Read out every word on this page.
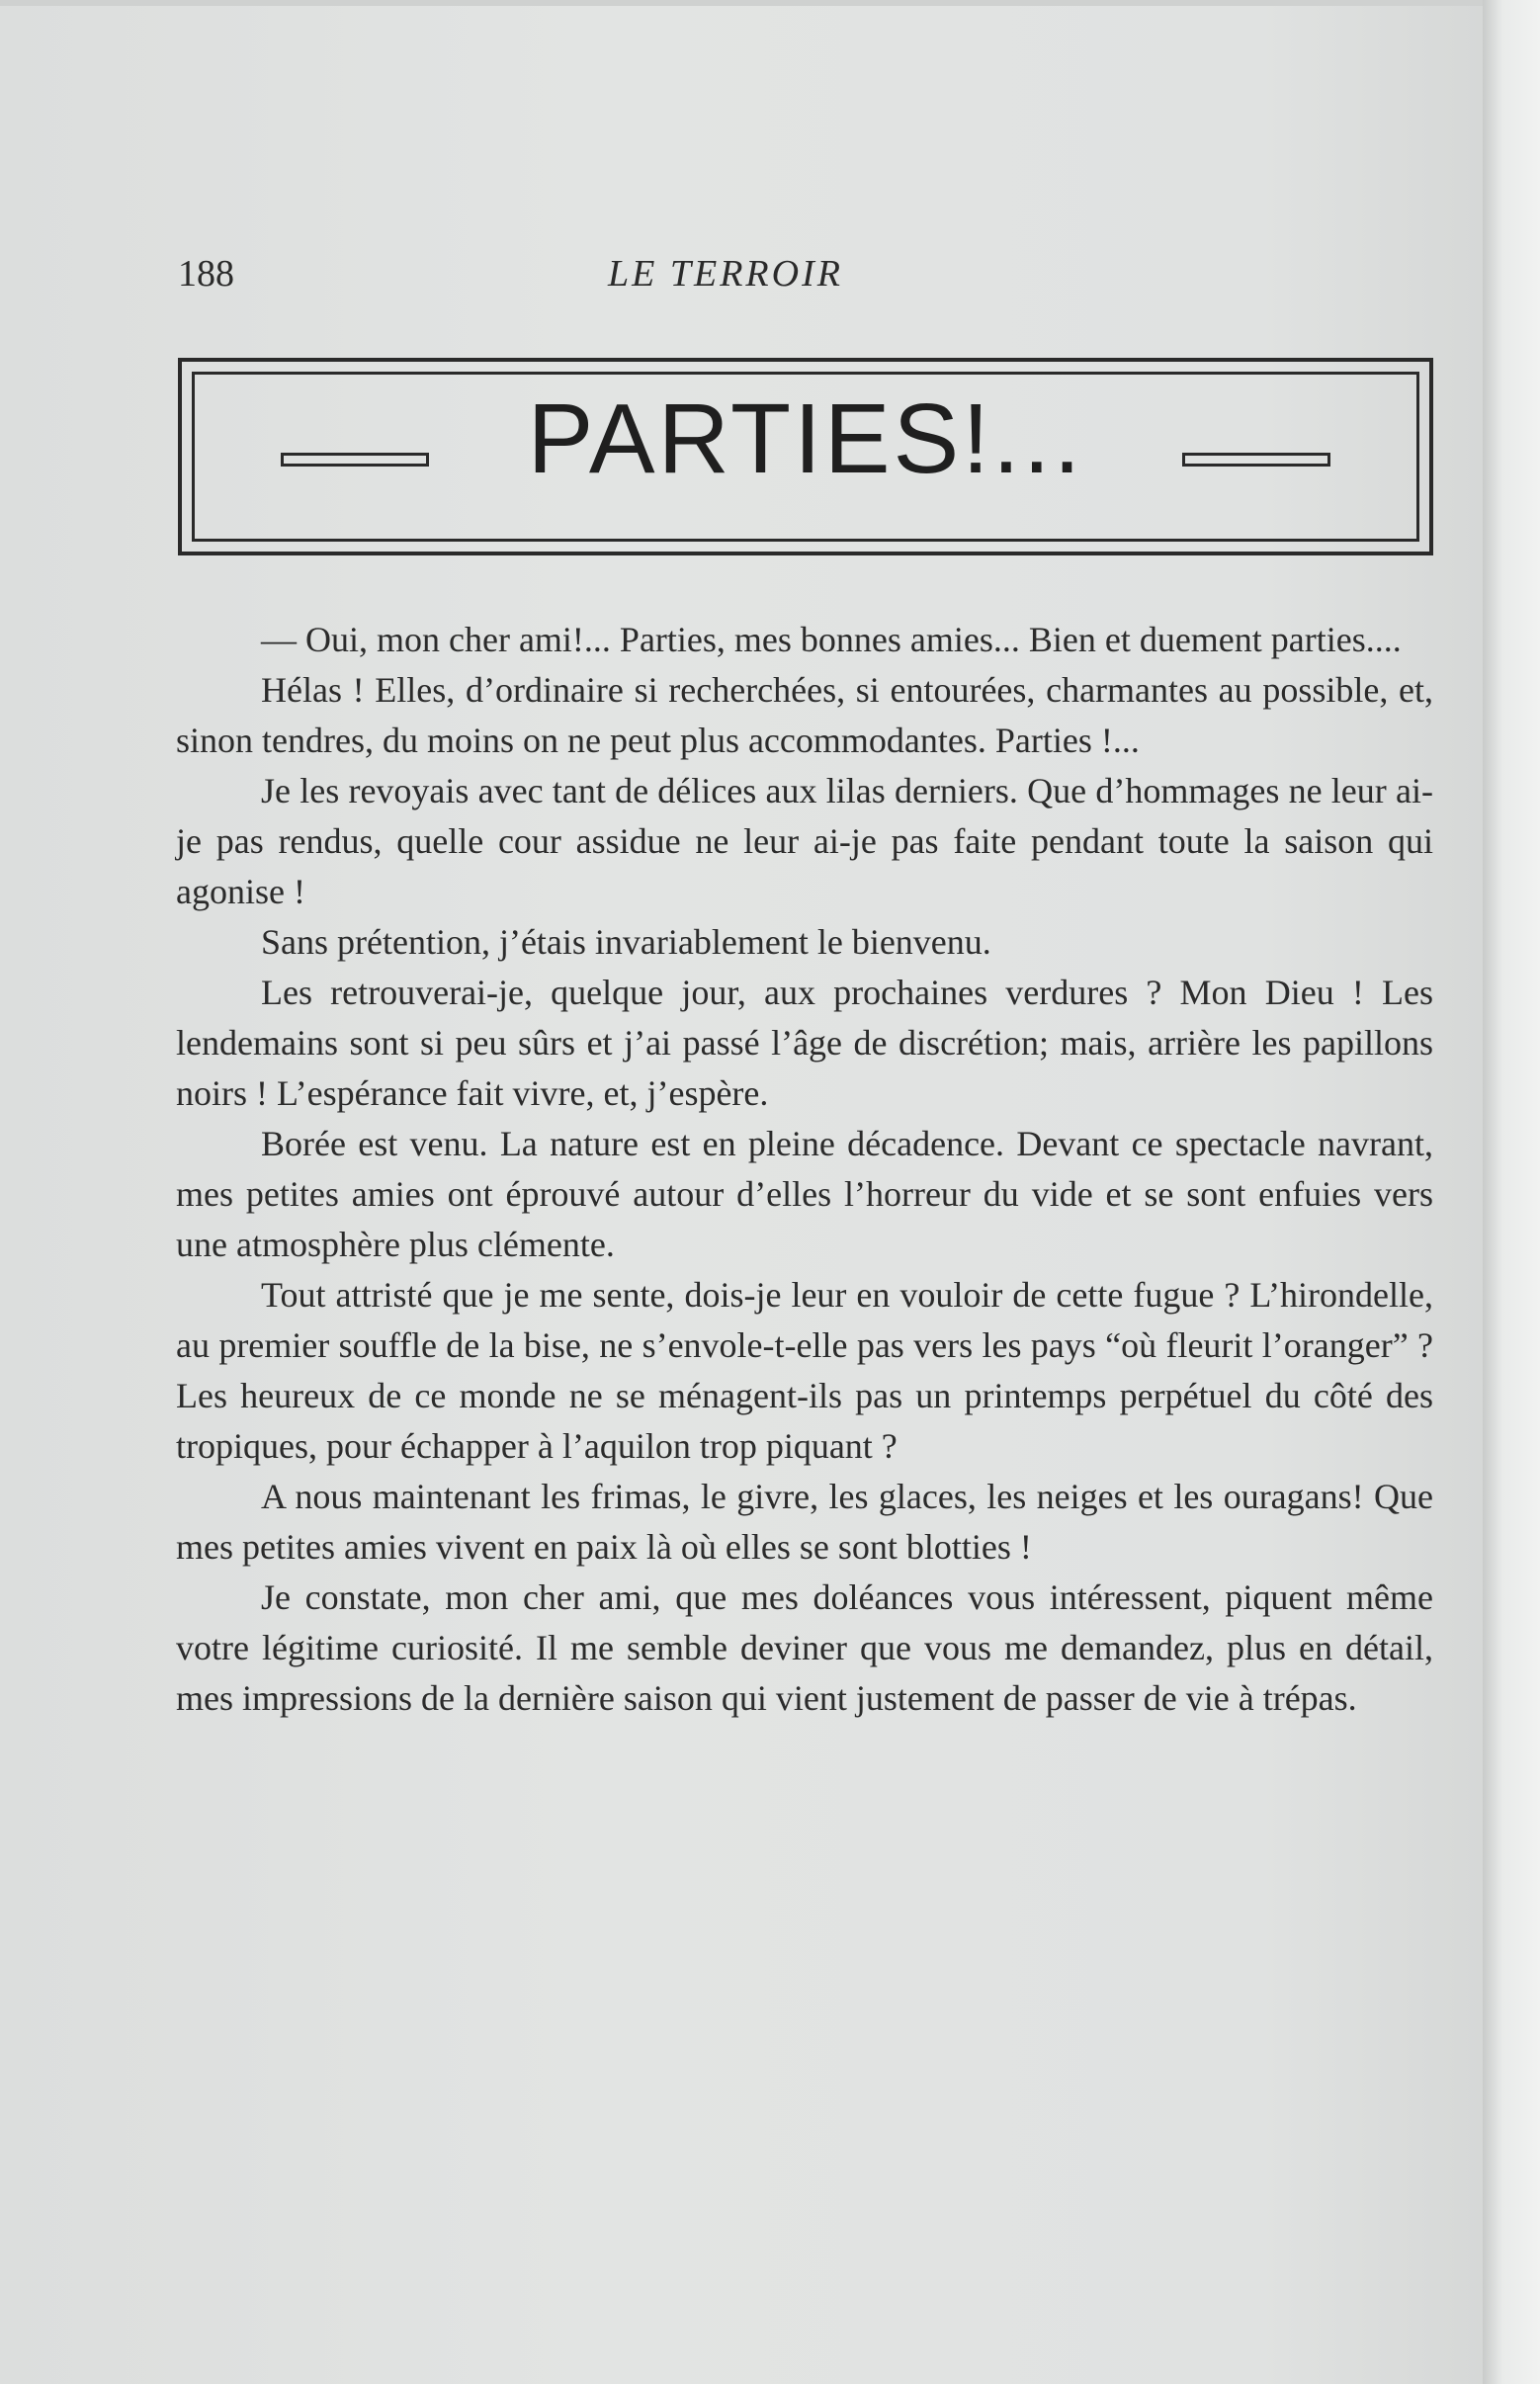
188	LE TERROIR
PARTIES!...

— Oui, mon cher ami!... Parties, mes bonnes amies... Bien et duement parties....

Hélas ! Elles, d’ordinaire si recherchées, si entourées, charmantes au possible, et, sinon tendres, du moins on ne peut plus accommodantes. Parties !...

Je les revoyais avec tant de délices aux lilas derniers. Que d’hommages ne leur ai-je pas rendus, quelle cour assidue ne leur ai-je pas faite pendant toute la saison qui agonise !

Sans prétention, j’étais invariablement le bienvenu.

Les retrouverai-je, quelque jour, aux prochaines verdures ? Mon Dieu ! Les lendemains sont si peu sûrs et j’ai passé l’âge de discrétion; mais, arrière les papillons noirs ! L’espérance fait vivre, et, j’espère.

Borée est venu. La nature est en pleine décadence. Devant ce spectacle navrant, mes petites amies ont éprouvé autour d’elles l’horreur du vide et se sont enfuies vers une atmosphère plus clémente.

Tout attristé que je me sente, dois-je leur en vouloir de cette fugue ? L’hirondelle, au premier souffle de la bise, ne s’envole-t-elle pas vers les pays “où fleurit l’oranger” ? Les heureux de ce monde ne se ménagent-ils pas un printemps perpétuel du côté des tropiques, pour échapper à l’aquilon trop piquant ?

A nous maintenant les frimas, le givre, les glaces, les neiges et les ouragans! Que mes petites amies vivent en paix là où elles se sont blotties !

Je constate, mon cher ami, que mes doléances vous intéressent, piquent même votre légitime curiosité. Il me semble deviner que vous me demandez, plus en détail, mes impressions de la dernière saison qui vient justement de passer de vie à trépas.
